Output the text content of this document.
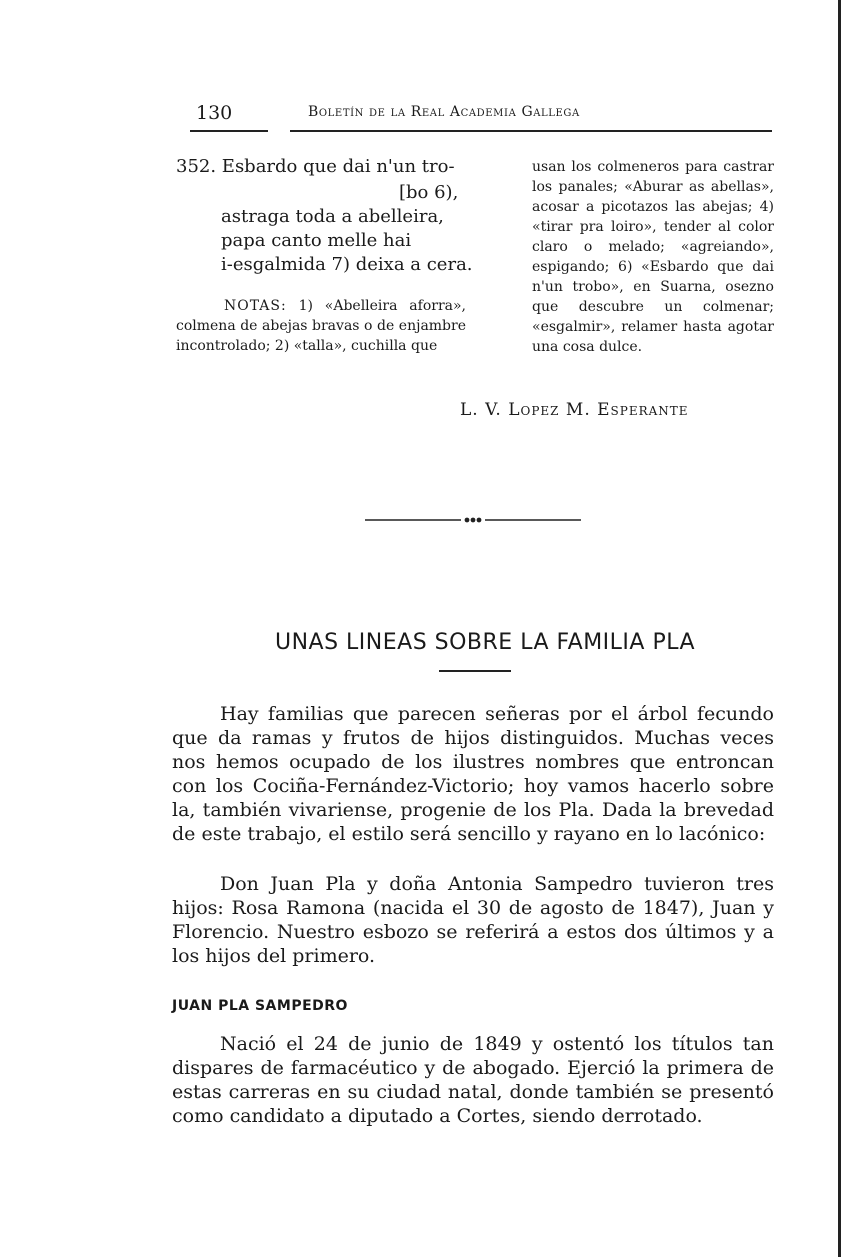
130	Boletín de la Real Academia Gallega
352. Esbardo que dai n'un tro-
[bo 6),
astraga toda a abelleira,
papa canto melle hai
i-esgalmida 7) deixa a cera.

NOTAS: 1) «Abelleira aforra», colmena de abejas bravas o de enjambre incontrolado; 2) «talla», cuchilla que

usan los colmeneros para castrar los panales; «Aburar as abellas», acosar a picotazos las abejas; 4) «tirar pra loiro», tender al color claro o melado; «agreiando», espigando; 6) «Esbardo que dai n'un trobo», en Suarna, oseznо que descubre un colmenar; «esgalmir», relamer hasta agotar una cosa dulce.

L. V. Lopez M. Esperante
UNAS LINEAS SOBRE LA FAMILIA PLA

Hay familias que parecen señeras por el árbol fecundo que da ramas y frutos de hijos distinguidos. Muchas veces nos hemos ocupado de los ilustres nombres que entroncan con los Cociña-Fernández-Victorio; hoy vamos hacerlo sobre la, también vivariense, progenie de los Pla. Dada la brevedad de este trabajo, el estilo será sencillo y rayano en lo lacónico:

Don Juan Pla y doña Antonia Sampedro tuvieron tres hijos: Rosa Ramona (nacida el 30 de agosto de 1847), Juan y Florencio. Nuestro esbozo se referirá a estos dos últimos y a los hijos del primero.

JUAN PLA SAMPEDRO

Nació el 24 de junio de 1849 y ostentó los títulos tan dispares de farmacéutico y de abogado. Ejerció la primera de estas carreras en su ciudad natal, donde también se presentó como candidato a diputado a Cortes, siendo derrotado.
